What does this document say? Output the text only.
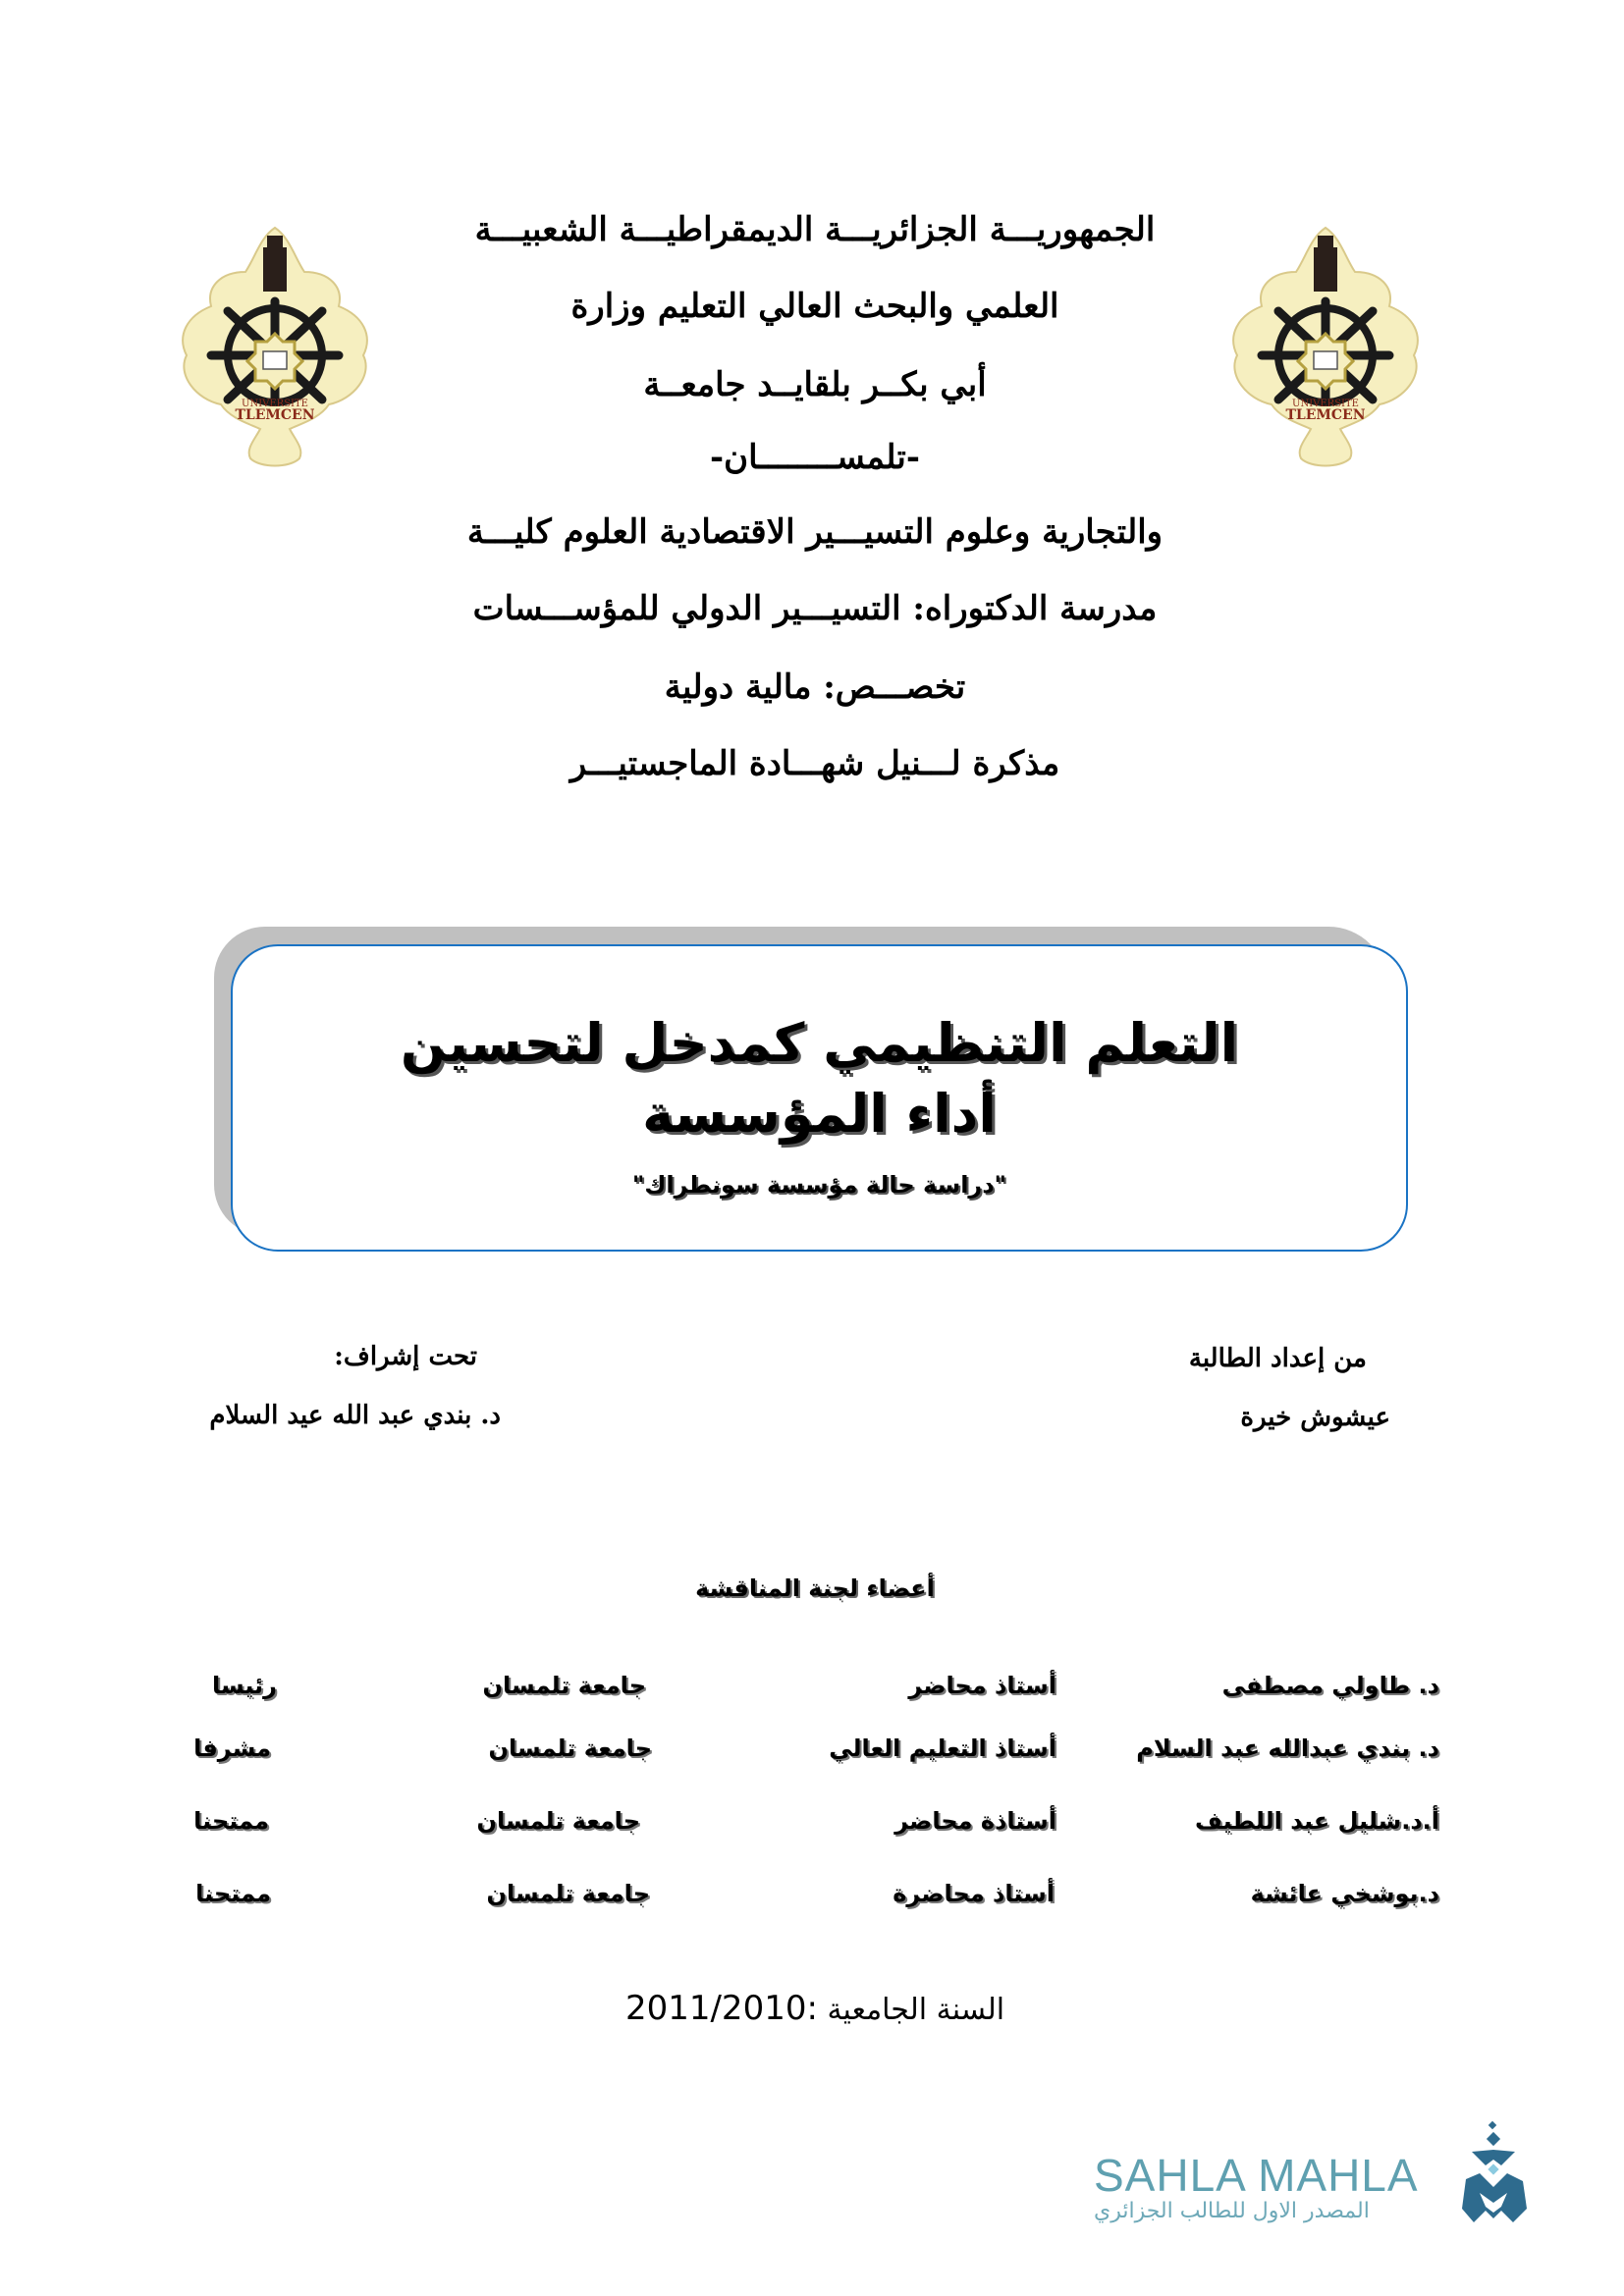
UNIVERSITE
TLEMCEN
UNIVERSITE
TLEMCEN
الجمهوريـــة الجزائريـــة الديمقراطيـــة الشعبيـــة
العلمي والبحث العالي التعليم وزارة
أبي بكــر بلقايــد جامعــة
-تلمســــــــان-
والتجارية وعلوم التسيـــير الاقتصادية العلوم كليـــة
مدرسة الدكتوراه: التسيـــير الدولي للمؤســـسات
تخصـــص: مالية دولية
مذكرة لـــنيل شهـــادة الماجستيـــر
التعلم التنظيمي كمدخل لتحسين
أداء المؤسسة
"دراسة حالة مؤسسة سونطراك"
من إعداد الطالبة
عيشوش خيرة
تحت إشراف:
د. بندي عبد الله عيد السلام
أعضاء لجنة المناقشة
د. طاولي مصطفى
أستاذ محاضر
جامعة تلمسان
رئيسا
د. بندي عبدالله عبد السلام
أستاذ التعليم العالي
جامعة تلمسان
مشرفا
أ.د.شليل عبد اللطيف
أستاذة محاضر
جامعة تلمسان
ممتحنا
د.بوشخي عائشة
أستاذ محاضرة
جامعة تلمسان
ممتحنا
السنة الجامعية 2011/2010:
SAHLA MAHLA
المصدر الاول للطالب الجزائري
